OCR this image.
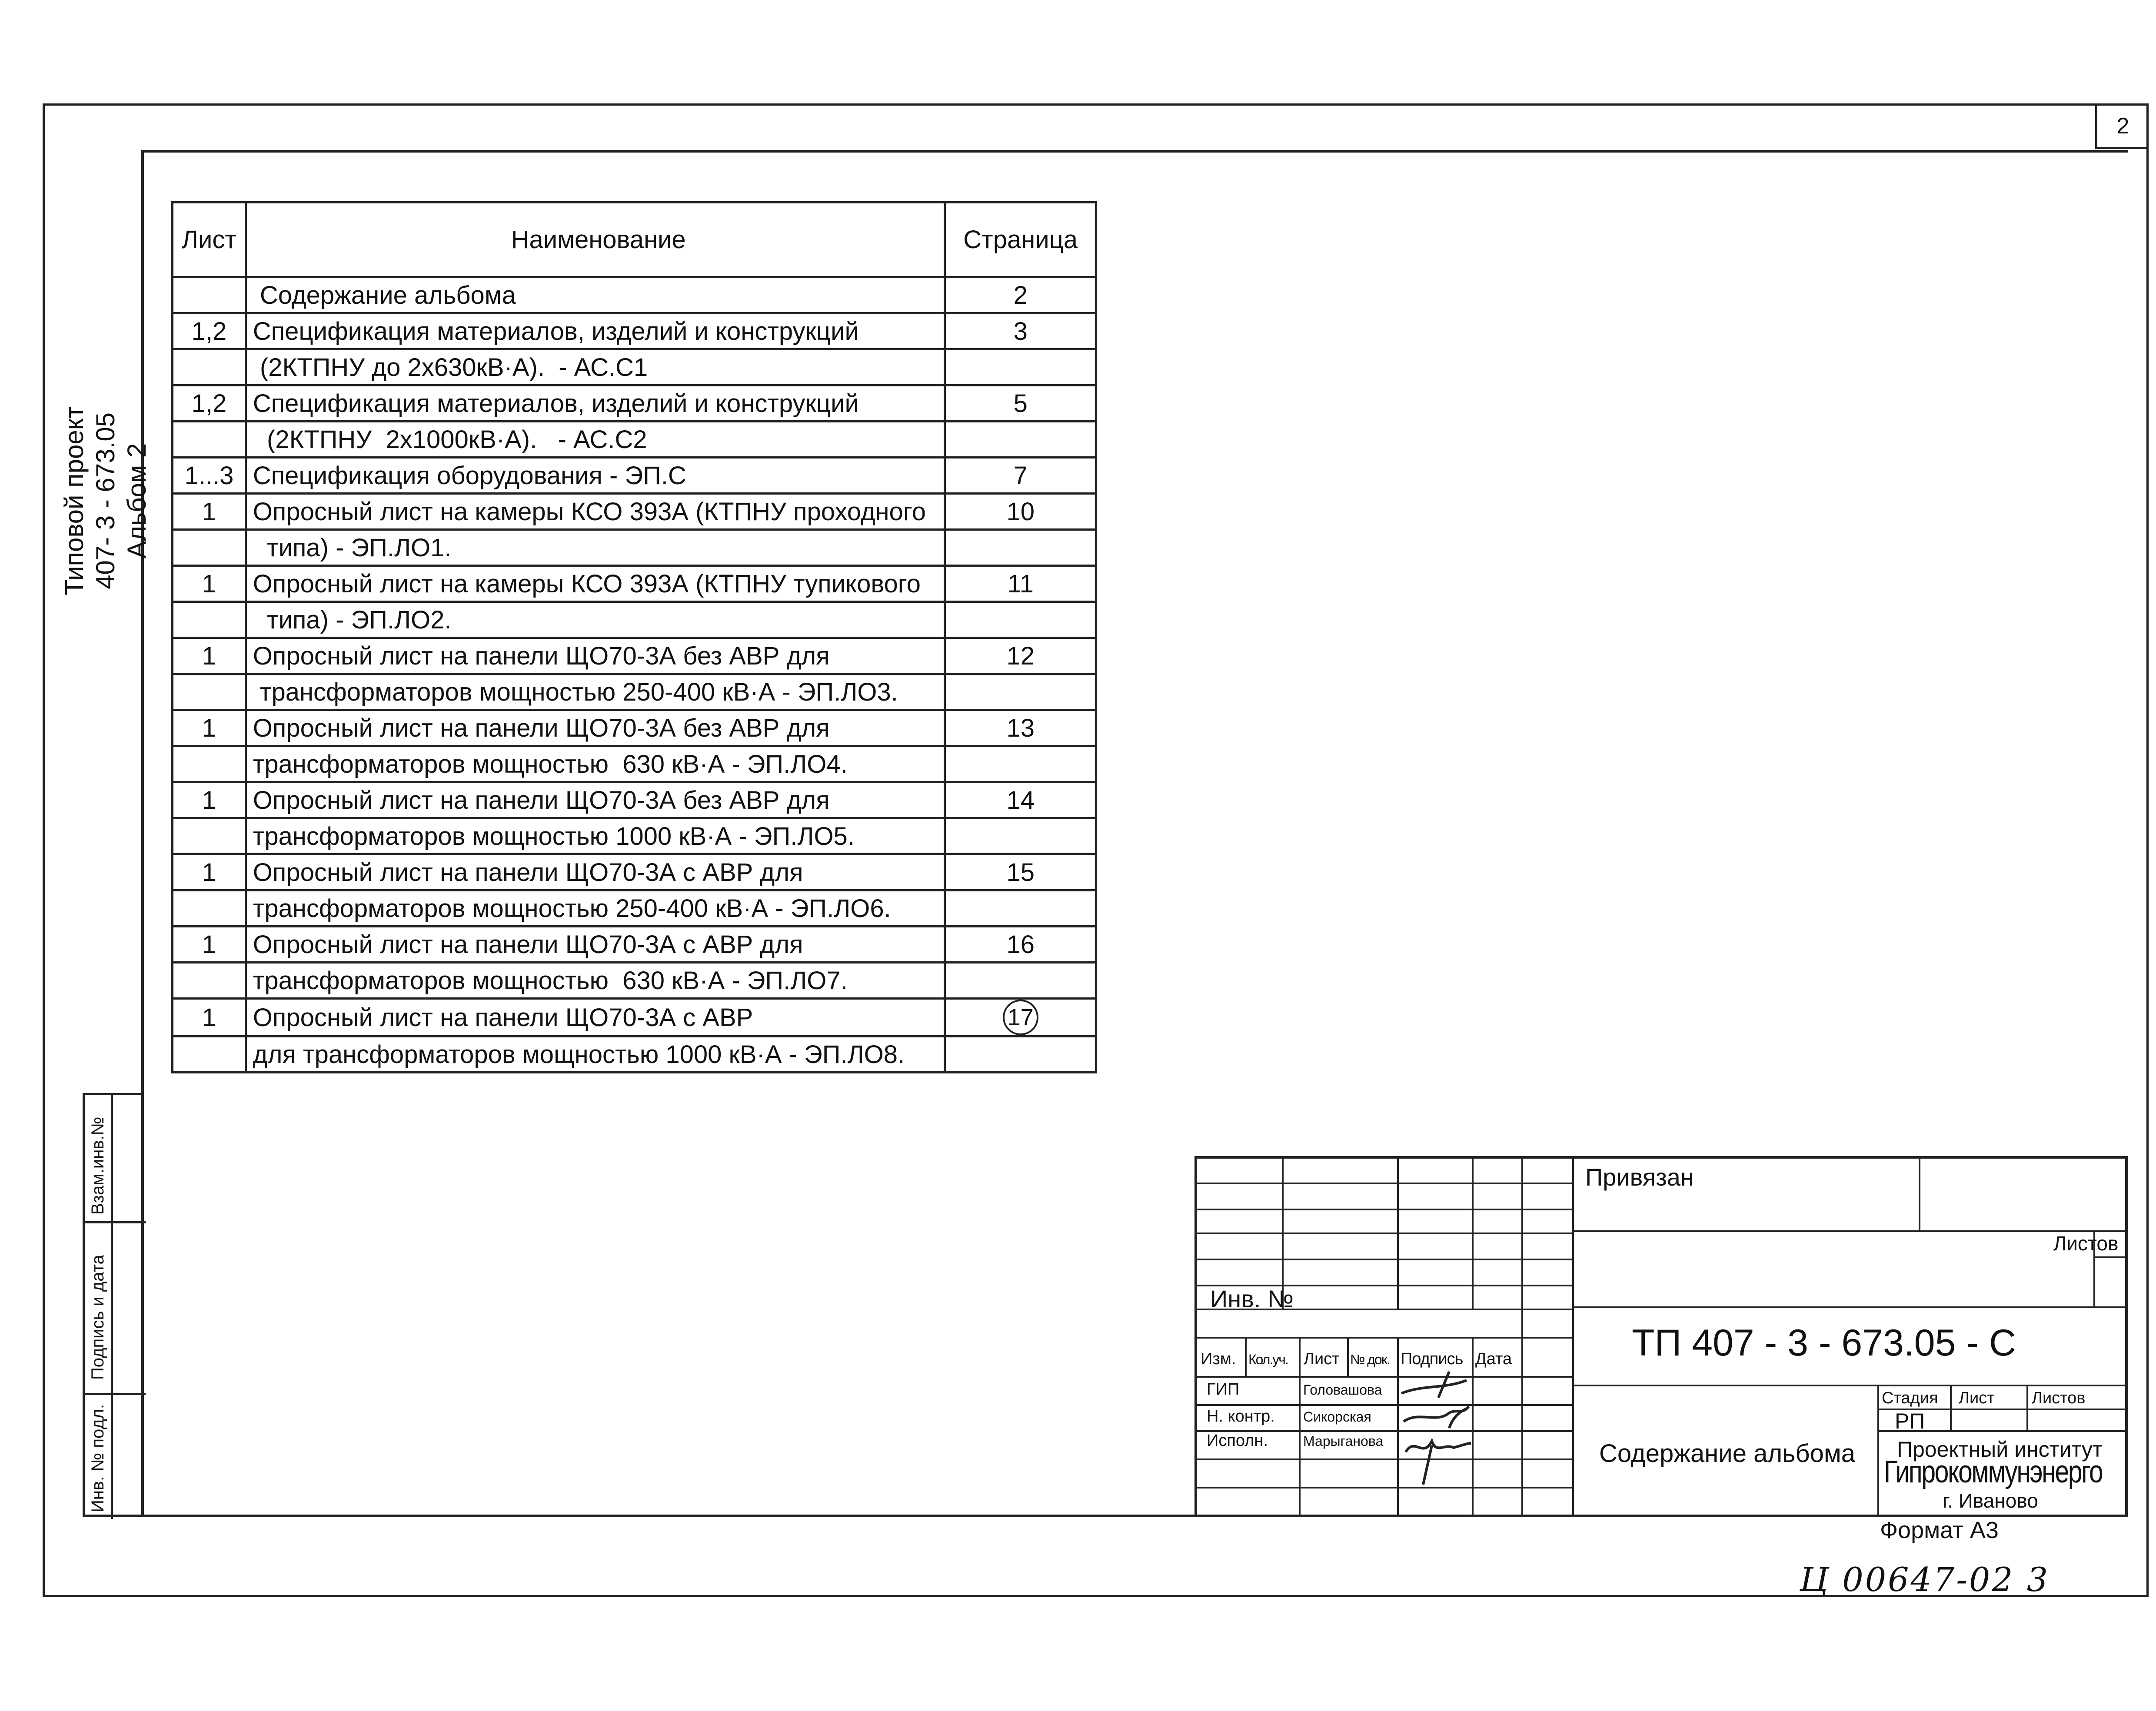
2
Типовой проект 407- 3 - 673.05 Альбом 2
Лист	Наименование	Страница
	Содержание альбома	2
1,2	Спецификация материалов, изделий и конструкций	3
	(2КТПНУ до 2х630кВ·А).  - АС.С1	
1,2	Спецификация материалов, изделий и конструкций	5
	(2КТПНУ  2х1000кВ·А).   - АС.С2	
1...3	Спецификация оборудования - ЭП.С	7
1	Опросный лист на камеры КСО 393А (КТПНУ проходного	10
	типа) - ЭП.ЛО1.	
1	Опросный лист на камеры КСО 393А (КТПНУ тупикового	11
	типа) - ЭП.ЛО2.	
1	Опросный лист на панели ЩО70-3А без АВР для	12
	трансформаторов мощностью 250-400 кВ·А - ЭП.ЛО3.	
1	Опросный лист на панели ЩО70-3А без АВР для	13
	трансформаторов мощностью  630 кВ·А - ЭП.ЛО4.	
1	Опросный лист на панели ЩО70-3А без АВР для	14
	трансформаторов мощностью 1000 кВ·А - ЭП.ЛО5.	
1	Опросный лист на панели ЩО70-3А с АВР для	15
	трансформаторов мощностью 250-400 кВ·А - ЭП.ЛО6.	
1	Опросный лист на панели ЩО70-3А с АВР для	16
	трансформаторов мощностью  630 кВ·А - ЭП.ЛО7.	
1	Опросный лист на панели ЩО70-3А с АВР	17
	для трансформаторов мощностью 1000 кВ·А - ЭП.ЛО8.	
Взам.инв.№
Подпись и дата
Инв. № подл.
Привязан
Инв. №
Листов
ТП 407 - 3 - 673.05 - С
Изм. Кол.уч. Лист № док. Подпись Дата
ГИП	Головашова
Н. контр. Сикорская
Исполн.	Марыганова	Содержание альбома
Стадия Лист Листов
РП
Проектный институт
Гипрокоммунэнерго
г. Иваново
Формат А3
Ц 00647-02 3
